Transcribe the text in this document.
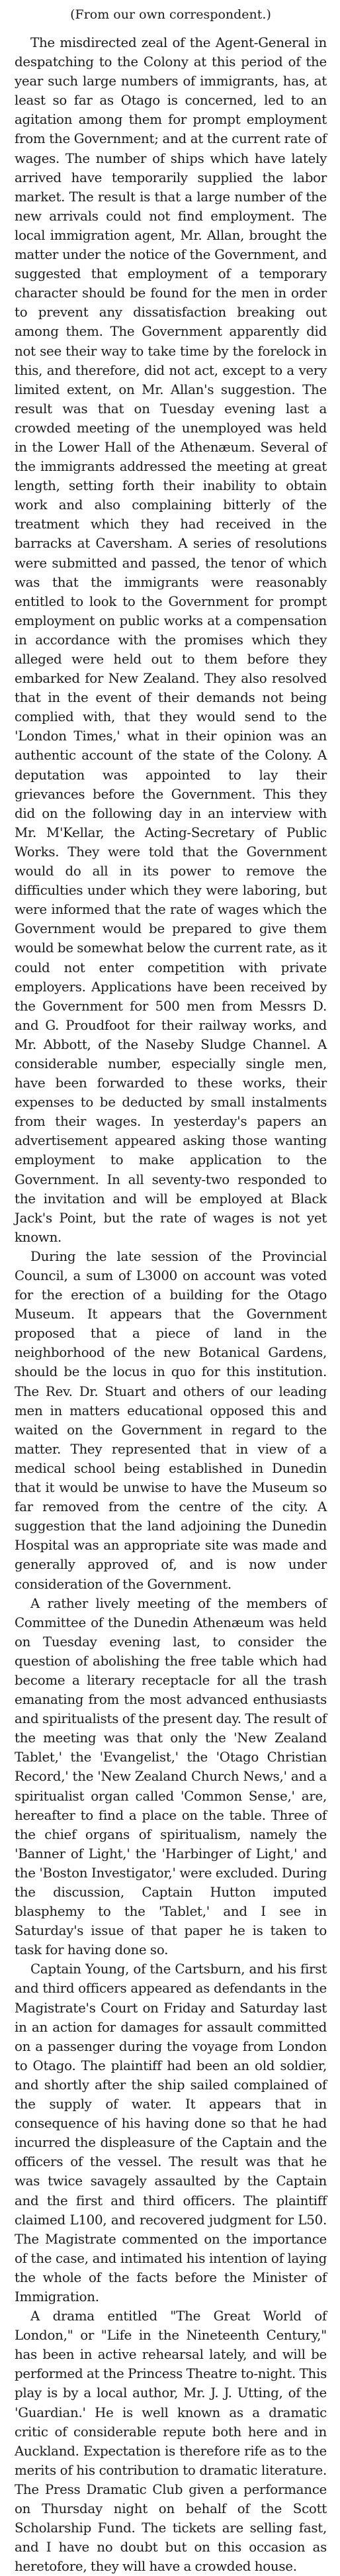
(From our own correspondent.)

The misdirected zeal of the Agent-General in despatching to the Colony at this period of the year such large numbers of immigrants, has, at least so far as Otago is concerned, led to an agitation among them for prompt employment from the Government; and at the current rate of wages. The number of ships which have lately arrived have temporarily supplied the labor market. The result is that a large number of the new arrivals could not find employment. The local immigration agent, Mr. Allan, brought the matter under the notice of the Government, and suggested that employment of a temporary character should be found for the men in order to prevent any dissatisfaction breaking out among them. The Government apparently did not see their way to take time by the forelock in this, and therefore, did not act, except to a very limited extent, on Mr. Allan's suggestion. The result was that on Tuesday evening last a crowded meeting of the unemployed was held in the Lower Hall of the Athenæum. Several of the immigrants addressed the meeting at great length, setting forth their inability to obtain work and also complaining bitterly of the treatment which they had received in the barracks at Caversham. A series of resolutions were submitted and passed, the tenor of which was that the immigrants were reasonably entitled to look to the Government for prompt employment on public works at a compensation in accordance with the promises which they alleged were held out to them before they embarked for New Zealand. They also resolved that in the event of their demands not being complied with, that they would send to the 'London Times,' what in their opinion was an authentic account of the state of the Colony. A deputation was appointed to lay their grievances before the Government. This they did on the following day in an interview with Mr. M'Kellar, the Acting-Secretary of Public Works. They were told that the Government would do all in its power to remove the difficulties under which they were laboring, but were informed that the rate of wages which the Government would be prepared to give them would be somewhat below the current rate, as it could not enter competition with private employers. Applications have been received by the Government for 500 men from Messrs D. and G. Proudfoot for their railway works, and Mr. Abbott, of the Naseby Sludge Channel. A considerable number, especially single men, have been forwarded to these works, their expenses to be deducted by small instalments from their wages. In yesterday's papers an advertisement appeared asking those wanting employment to make application to the Government. In all seventy-two responded to the invitation and will be employed at Black Jack's Point, but the rate of wages is not yet known.

During the late session of the Provincial Council, a sum of L3000 on account was voted for the erection of a building for the Otago Museum. It appears that the Government proposed that a piece of land in the neighborhood of the new Botanical Gardens, should be the locus in quo for this institution. The Rev. Dr. Stuart and others of our leading men in matters educational opposed this and waited on the Government in regard to the matter. They represented that in view of a medical school being established in Dunedin that it would be unwise to have the Museum so far removed from the centre of the city. A suggestion that the land adjoining the Dunedin Hospital was an appropriate site was made and generally approved of, and is now under consideration of the Government.

A rather lively meeting of the members of Committee of the Dunedin Athenæum was held on Tuesday evening last, to consider the question of abolishing the free table which had become a literary receptacle for all the trash emanating from the most advanced enthusiasts and spiritualists of the present day. The result of the meeting was that only the 'New Zealand Tablet,' the 'Evangelist,' the 'Otago Christian Record,' the 'New Zealand Church News,' and a spiritualist organ called 'Common Sense,' are, hereafter to find a place on the table. Three of the chief organs of spiritualism, namely the 'Banner of Light,' the 'Harbinger of Light,' and the 'Boston Investigator,' were excluded. During the discussion, Captain Hutton imputed blasphemy to the 'Tablet,' and I see in Saturday's issue of that paper he is taken to task for having done so.

Captain Young, of the Cartsburn, and his first and third officers appeared as defendants in the Magistrate's Court on Friday and Saturday last in an action for damages for assault committed on a passenger during the voyage from London to Otago. The plaintiff had been an old soldier, and shortly after the ship sailed complained of the supply of water. It appears that in consequence of his having done so that he had incurred the displeasure of the Captain and the officers of the vessel. The result was that he was twice savagely assaulted by the Captain and the first and third officers. The plaintiff claimed L100, and recovered judgment for L50. The Magistrate commented on the importance of the case, and intimated his intention of laying the whole of the facts before the Minister of Immigration.

A drama entitled "The Great World of London," or "Life in the Nineteenth Century," has been in active rehearsal lately, and will be performed at the Princess Theatre to-night. This play is by a local author, Mr. J. J. Utting, of the 'Guardian.' He is well known as a dramatic critic of considerable repute both here and in Auckland. Expectation is therefore rife as to the merits of his contribution to dramatic literature. The Press Dramatic Club given a performance on Thursday night on behalf of the Scott Scholarship Fund. The tickets are selling fast, and I have no doubt but on this occasion as heretofore, they will have a crowded house.
